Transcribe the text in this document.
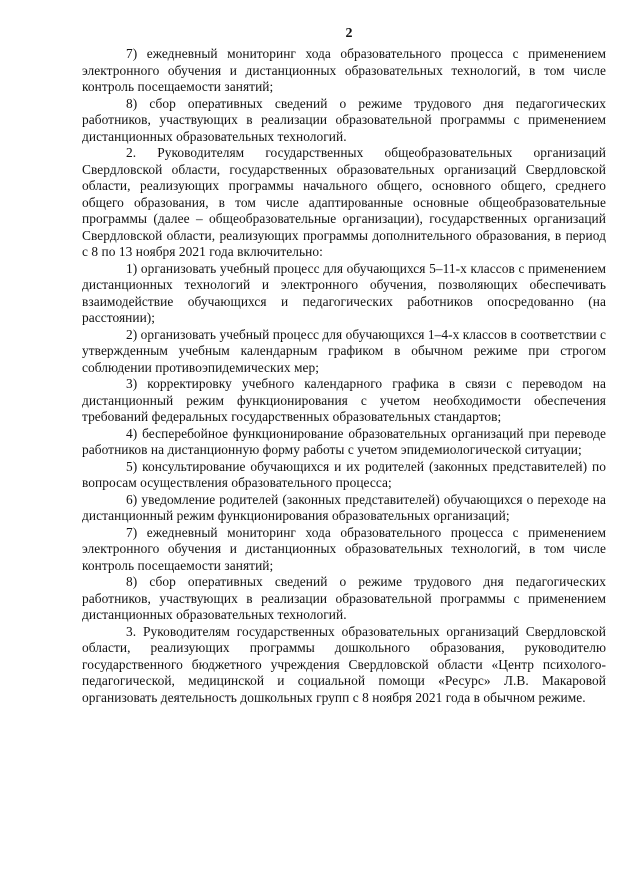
2

7) ежедневный мониторинг хода образовательного процесса с применением электронного обучения и дистанционных образовательных технологий, в том числе контроль посещаемости занятий;

8) сбор оперативных сведений о режиме трудового дня педагогических работников, участвующих в реализации образовательной программы с применением дистанционных образовательных технологий.

2. Руководителям государственных общеобразовательных организаций Свердловской области, государственных образовательных организаций Свердловской области, реализующих программы начального общего, основного общего, среднего общего образования, в том числе адаптированные основные общеобразовательные программы (далее – общеобразовательные организации), государственных организаций Свердловской области, реализующих программы дополнительного образования, в период с 8 по 13 ноября 2021 года включительно:

1) организовать учебный процесс для обучающихся 5–11-х классов с применением дистанционных технологий и электронного обучения, позволяющих обеспечивать взаимодействие обучающихся и педагогических работников опосредованно (на расстоянии);

2) организовать учебный процесс для обучающихся 1–4-х классов в соответствии с утвержденным учебным календарным графиком в обычном режиме при строгом соблюдении противоэпидемических мер;

3) корректировку учебного календарного графика в связи с переводом на дистанционный режим функционирования с учетом необходимости обеспечения требований федеральных государственных образовательных стандартов;

4) бесперебойное функционирование образовательных организаций при переводе работников на дистанционную форму работы с учетом эпидемиологической ситуации;

5) консультирование обучающихся и их родителей (законных представителей) по вопросам осуществления образовательного процесса;

6) уведомление родителей (законных представителей) обучающихся о переходе на дистанционный режим функционирования образовательных организаций;

7) ежедневный мониторинг хода образовательного процесса с применением электронного обучения и дистанционных образовательных технологий, в том числе контроль посещаемости занятий;

8) сбор оперативных сведений о режиме трудового дня педагогических работников, участвующих в реализации образовательной программы с применением дистанционных образовательных технологий.

3. Руководителям государственных образовательных организаций Свердловской области, реализующих программы дошкольного образования, руководителю государственного бюджетного учреждения Свердловской области «Центр психолого-педагогической, медицинской и социальной помощи «Ресурс» Л.В. Макаровой организовать деятельность дошкольных групп с 8 ноября 2021 года в обычном режиме.
